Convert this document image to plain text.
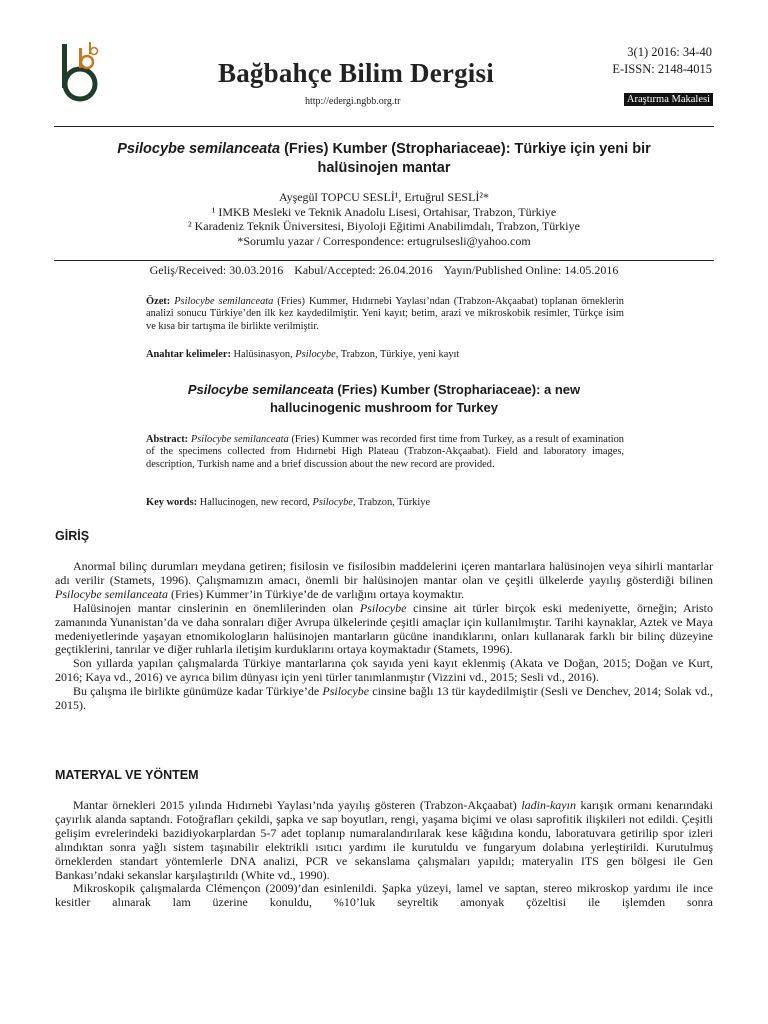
Bağbahçe Bilim Dergisi
http://edergi.ngbb.org.tr
3(1) 2016: 34-40
E-ISSN: 2148-4015
Araştırma Makalesi
Psilocybe semilanceata (Fries) Kumber (Strophariaceae): Türkiye için yeni bir
halüsinojen mantar
Ayşegül TOPCU SESLİ¹, Ertuğrul SESLİ²*
¹ IMKB Mesleki ve Teknik Anadolu Lisesi, Ortahisar, Trabzon, Türkiye
² Karadeniz Teknik Üniversitesi, Biyoloji Eğitimi Anabilimdalı, Trabzon, Türkiye
*Sorumlu yazar / Correspondence: ertugrulsesli@yahoo.com
Geliş/Received: 30.03.2016 Kabul/Accepted: 26.04.2016 Yayın/Published Online: 14.05.2016
Özet: Psilocybe semilanceata (Fries) Kummer, Hıdırnebi Yaylası’ndan (Trabzon-Akçaabat) toplanan örneklerin analizi sonucu Türkiye’den ilk kez kaydedilmiştir. Yeni kayıt; betim, arazi ve mikroskobik resimler, Türkçe isim ve kısa bir tartışma ile birlikte verilmiştir.
Anahtar kelimeler: Halüsinasyon, Psilocybe, Trabzon, Türkiye, yeni kayıt
Psilocybe semilanceata (Fries) Kumber (Strophariaceae): a new
hallucinogenic mushroom for Turkey
Abstract: Psilocybe semilanceata (Fries) Kummer was recorded first time from Turkey, as a result of examination of the specimens collected from Hıdırnebi High Plateau (Trabzon-Akçaabat). Field and laboratory images, description, Turkish name and a brief discussion about the new record are provided.
Key words: Hallucinogen, new record, Psilocybe, Trabzon, Türkiye
GİRİŞ

Anormal bilinç durumları meydana getiren; fisilosin ve fisilosibin maddelerini içeren mantarlara halüsinojen veya sihirli mantarlar adı verilir (Stamets, 1996). Çalışmamızın amacı, önemli bir halüsinojen mantar olan ve çeşitli ülkelerde yayılış gösterdiği bilinen Psilocybe semilanceata (Fries) Kummer’in Türkiye’de de varlığını ortaya koymaktır.

Halüsinojen mantar cinslerinin en önemlilerinden olan Psilocybe cinsine ait türler birçok eski medeniyette, örneğin; Aristo zamanında Yunanistan’da ve daha sonraları diğer Avrupa ülkelerinde çeşitli amaçlar için kullanılmıştır. Tarihi kaynaklar, Aztek ve Maya medeniyetlerinde yaşayan etnomikologların halüsinojen mantarların gücüne inandıklarını, onları kullanarak farklı bir bilinç düzeyine geçtiklerini, tanrılar ve diğer ruhlarla iletişim kurduklarını ortaya koymaktadır (Stamets, 1996).

Son yıllarda yapılan çalışmalarda Türkiye mantarlarına çok sayıda yeni kayıt eklenmiş (Akata ve Doğan, 2015; Doğan ve Kurt, 2016; Kaya vd., 2016) ve ayrıca bilim dünyası için yeni türler tanımlanmıştır (Vizzini vd., 2015; Sesli vd., 2016).

Bu çalışma ile birlikte günümüze kadar Türkiye’de Psilocybe cinsine bağlı 13 tür kaydedilmiştir (Sesli ve Denchev, 2014; Solak vd., 2015).

MATERYAL VE YÖNTEM

Mantar örnekleri 2015 yılında Hıdırnebi Yaylası’nda yayılış gösteren (Trabzon-Akçaabat) ladin-kayın karışık ormanı kenarındaki çayırlık alanda saptandı. Fotoğrafları çekildi, şapka ve sap boyutları, rengi, yaşama biçimi ve olası saprofitik ilişkileri not edildi. Çeşitli gelişim evrelerindeki bazidiyokarplardan 5-7 adet toplanıp numaralandırılarak kese kâğıdına kondu, laboratuvara getirilip spor izleri alındıktan sonra yağlı sistem taşınabilir elektrikli ısıtıcı yardımı ile kurutuldu ve fungaryum dolabına yerleştirildi. Kurutulmuş örneklerden standart yöntemlerle DNA analizi, PCR ve sekanslama çalışmaları yapıldı; materyalin ITS gen bölgesi ile Gen Bankası’ndaki sekanslar karşılaştırıldı (White vd., 1990).

Mikroskopik çalışmalarda Clémençon (2009)’dan esinlenildi. Şapka yüzeyi, lamel ve saptan, stereo mikroskop yardımı ile ince kesitler alınarak lam üzerine konuldu, %10’luk seyreltik amonyak çözeltisi ile işlemden sonra
